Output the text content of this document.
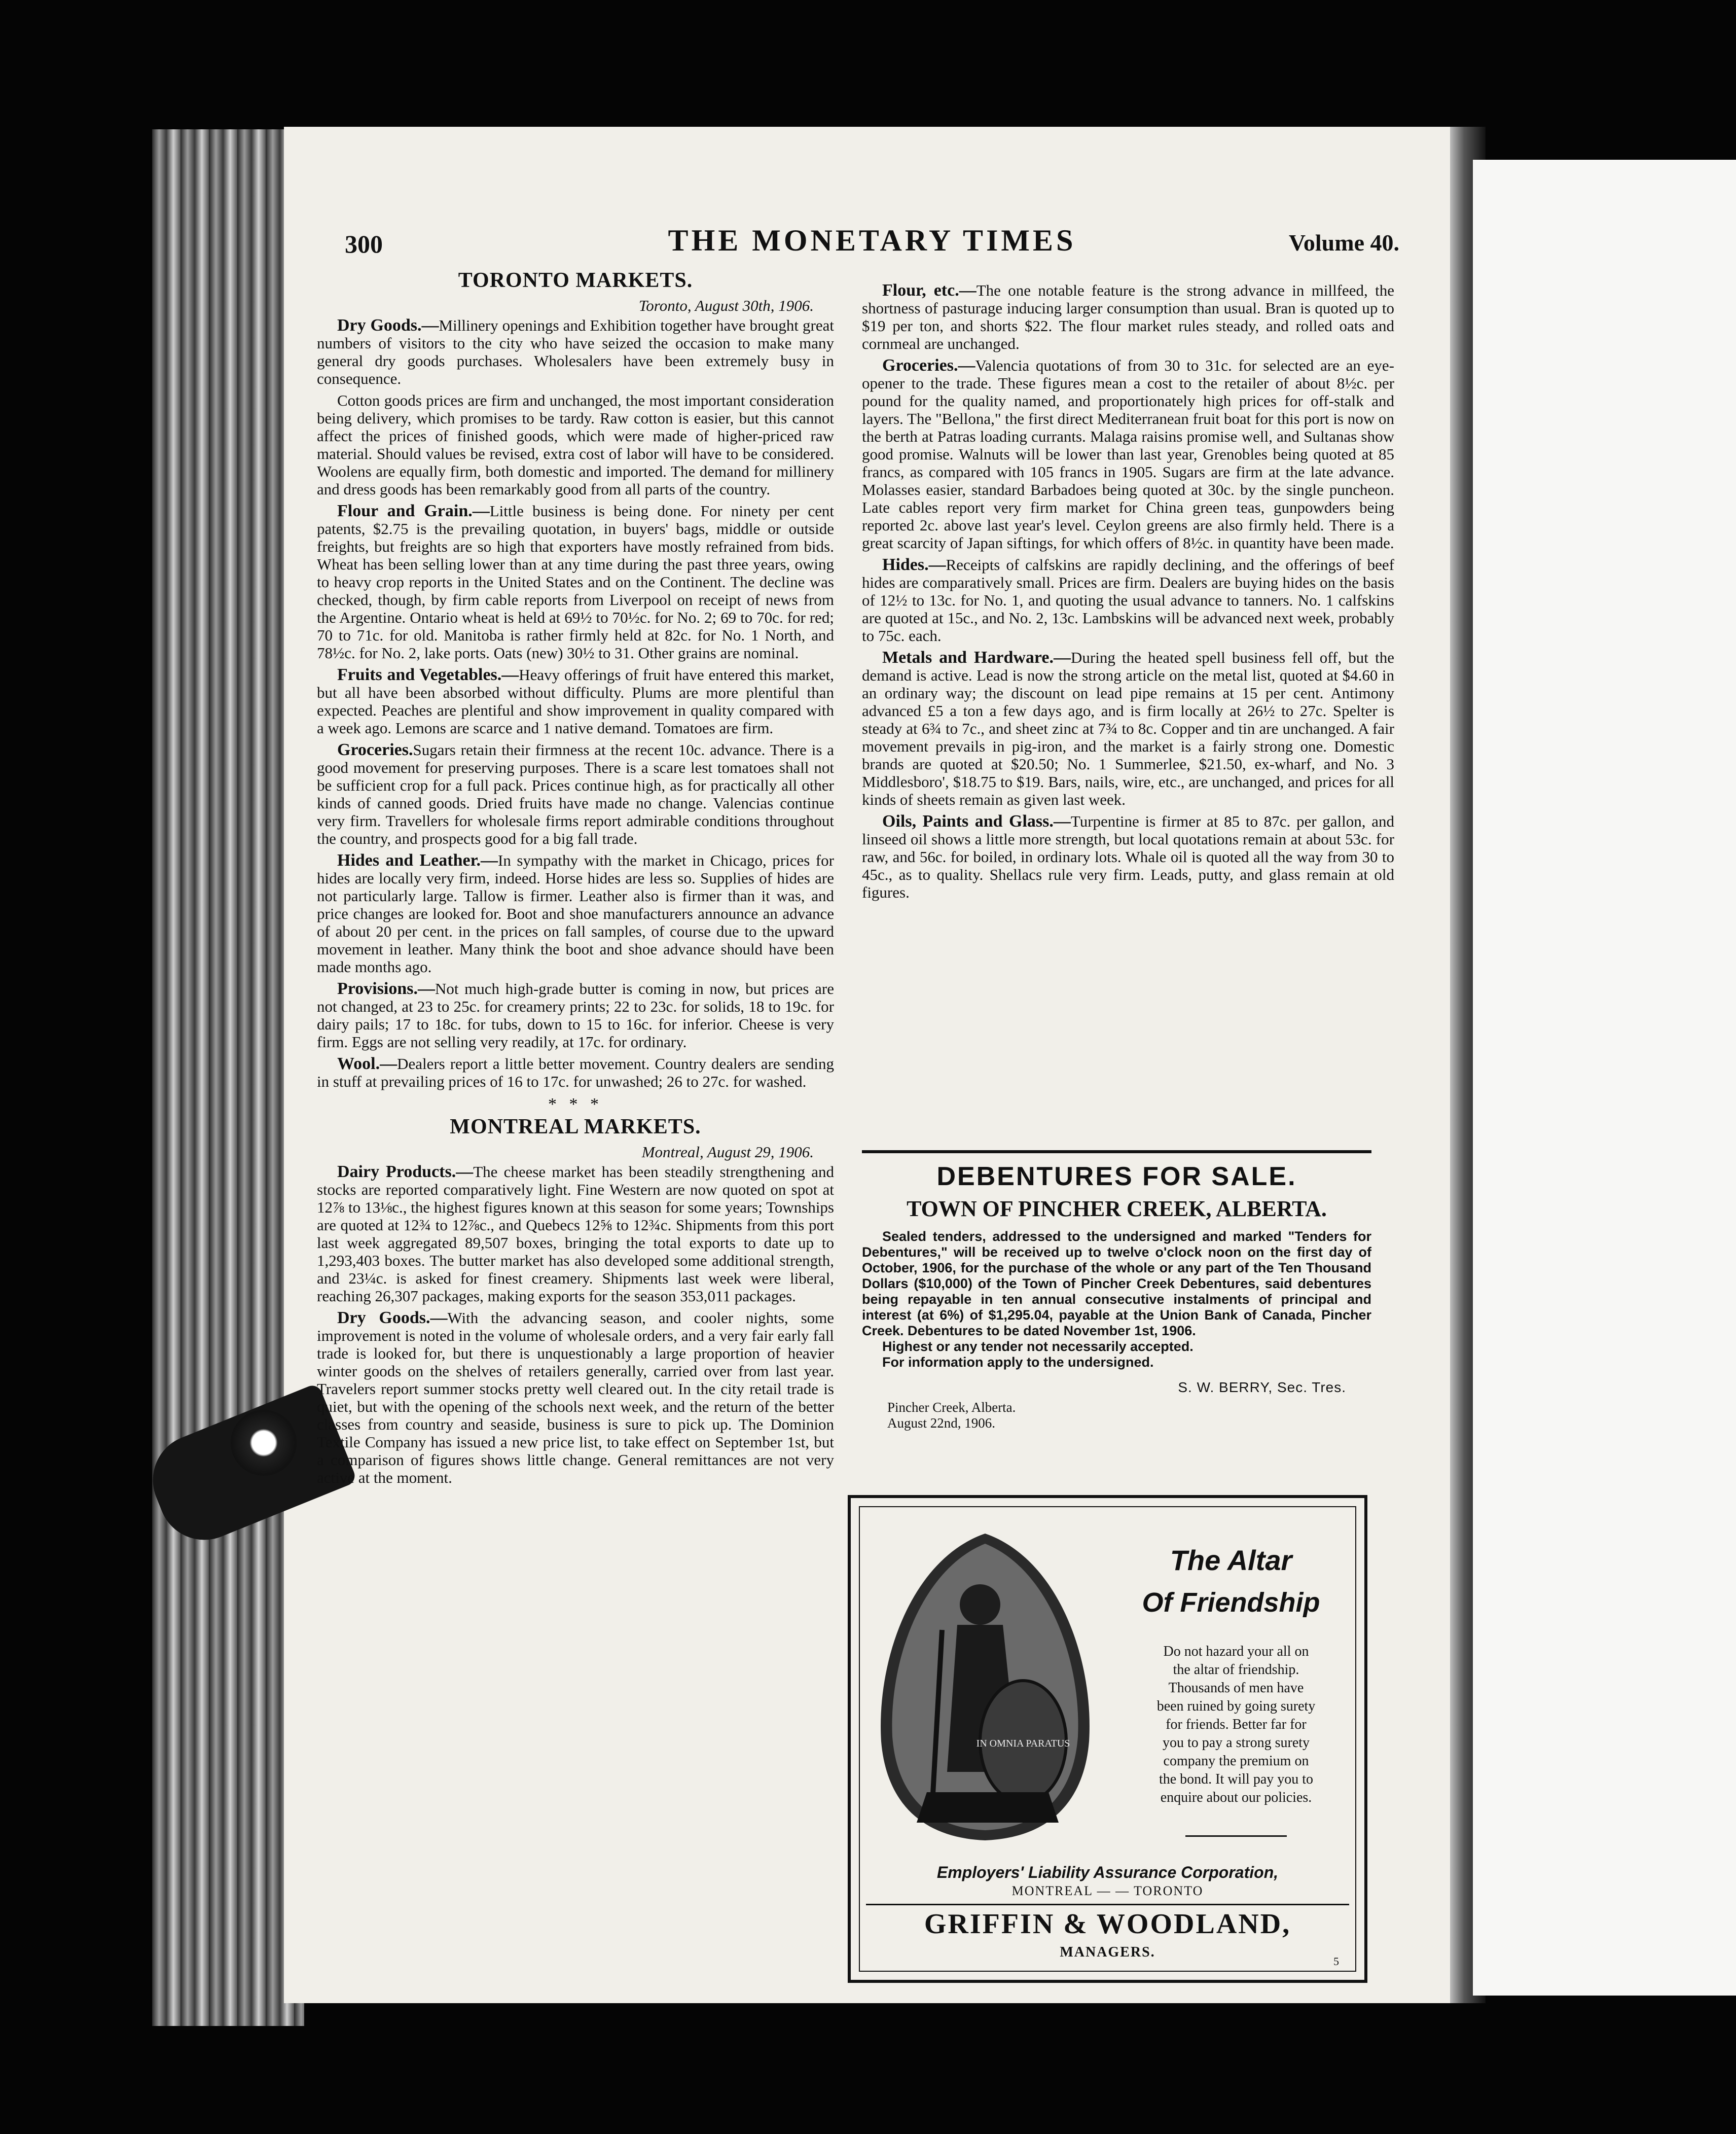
300	THE MONETARY TIMES	Volume 40.
TORONTO MARKETS.
Toronto, August 30th, 1906.
Dry Goods.—Millinery openings and Exhibition together have brought great numbers of visitors to the city who have seized the occasion to make many general dry goods purchases. Wholesalers have been extremely busy in consequence.
Cotton goods prices are firm and unchanged, the most important consideration being delivery, which promises to be tardy. Raw cotton is easier, but this cannot affect the prices of finished goods, which were made of higher-priced raw material. Should values be revised, extra cost of labor will have to be considered. Woolens are equally firm, both domestic and imported. The demand for millinery and dress goods has been remarkably good from all parts of the country.
Flour and Grain.—Little business is being done. For ninety per cent patents, $2.75 is the prevailing quotation, in buyers' bags, middle or outside freights, but freights are so high that exporters have mostly refrained from bids. Wheat has been selling lower than at any time during the past three years, owing to heavy crop reports in the United States and on the Continent. The decline was checked, though, by firm cable reports from Liverpool on receipt of news from the Argentine. Ontario wheat is held at 69½ to 70½c. for No. 2; 69 to 70c. for red; 70 to 71c. for old. Manitoba is rather firmly held at 82c. for No. 1 North, and 78½c. for No. 2, lake ports. Oats (new) 30½ to 31. Other grains are nominal.
Fruits and Vegetables.—Heavy offerings of fruit have entered this market, but all have been absorbed without difficulty. Plums are more plentiful than expected. Peaches are plentiful and show improvement in quality compared with a week ago. Lemons are scarce and 1 native demand. Tomatoes are firm.
Groceries.Sugars retain their firmness at the recent 10c. advance. There is a good movement for preserving purposes. There is a scare lest tomatoes shall not be sufficient crop for a full pack. Prices continue high, as for practically all other kinds of canned goods. Dried fruits have made no change. Valencias continue very firm. Travellers for wholesale firms report admirable conditions throughout the country, and prospects good for a big fall trade.
Hides and Leather.—In sympathy with the market in Chicago, prices for hides are locally very firm, indeed. Horse hides are less so. Supplies of hides are not particularly large. Tallow is firmer. Leather also is firmer than it was, and price changes are looked for. Boot and shoe manufacturers announce an advance of about 20 per cent. in the prices on fall samples, of course due to the upward movement in leather. Many think the boot and shoe advance should have been made months ago.
Provisions.—Not much high-grade butter is coming in now, but prices are not changed, at 23 to 25c. for creamery prints; 22 to 23c. for solids, 18 to 19c. for dairy pails; 17 to 18c. for tubs, down to 15 to 16c. for inferior. Cheese is very firm. Eggs are not selling very readily, at 17c. for ordinary.
Wool.—Dealers report a little better movement. Country dealers are sending in stuff at prevailing prices of 16 to 17c. for unwashed; 26 to 27c. for washed.
* * *
MONTREAL MARKETS.
Montreal, August 29, 1906.
Dairy Products.—The cheese market has been steadily strengthening and stocks are reported comparatively light. Fine Western are now quoted on spot at 12⅞ to 13⅛c., the highest figures known at this season for some years; Townships are quoted at 12¾ to 12⅞c., and Quebecs 12⅝ to 12¾c. Shipments from this port last week aggregated 89,507 boxes, bringing the total exports to date up to 1,293,403 boxes. The butter market has also developed some additional strength, and 23¼c. is asked for finest creamery. Shipments last week were liberal, reaching 26,307 packages, making exports for the season 353,011 packages.
Dry Goods.—With the advancing season, and cooler nights, some improvement is noted in the volume of wholesale orders, and a very fair early fall trade is looked for, but there is unquestionably a large proportion of heavier winter goods on the shelves of retailers generally, carried over from last year. Travelers report summer stocks pretty well cleared out. In the city retail trade is quiet, but with the opening of the schools next week, and the return of the better classes from country and seaside, business is sure to pick up. The Dominion Textile Company has issued a new price list, to take effect on September 1st, but a comparison of figures shows little change. General remittances are not very active at the moment.
Flour, etc.—The one notable feature is the strong advance in millfeed, the shortness of pasturage inducing larger consumption than usual. Bran is quoted up to $19 per ton, and shorts $22. The flour market rules steady, and rolled oats and cornmeal are unchanged.
Groceries.—Valencia quotations of from 30 to 31c. for selected are an eye-opener to the trade. These figures mean a cost to the retailer of about 8½c. per pound for the quality named, and proportionately high prices for off-stalk and layers. The "Bellona," the first direct Mediterranean fruit boat for this port is now on the berth at Patras loading currants. Malaga raisins promise well, and Sultanas show good promise. Walnuts will be lower than last year, Grenobles being quoted at 85 francs, as compared with 105 francs in 1905. Sugars are firm at the late advance. Molasses easier, standard Barbadoes being quoted at 30c. by the single puncheon. Late cables report very firm market for China green teas, gunpowders being reported 2c. above last year's level. Ceylon greens are also firmly held. There is a great scarcity of Japan siftings, for which offers of 8½c. in quantity have been made.
Hides.—Receipts of calfskins are rapidly declining, and the offerings of beef hides are comparatively small. Prices are firm. Dealers are buying hides on the basis of 12½ to 13c. for No. 1, and quoting the usual advance to tanners. No. 1 calfskins are quoted at 15c., and No. 2, 13c. Lambskins will be advanced next week, probably to 75c. each.
Metals and Hardware.—During the heated spell business fell off, but the demand is active. Lead is now the strong article on the metal list, quoted at $4.60 in an ordinary way; the discount on lead pipe remains at 15 per cent. Antimony advanced £5 a ton a few days ago, and is firm locally at 26½ to 27c. Spelter is steady at 6¾ to 7c., and sheet zinc at 7¾ to 8c. Copper and tin are unchanged. A fair movement prevails in pig-iron, and the market is a fairly strong one. Domestic brands are quoted at $20.50; No. 1 Summerlee, $21.50, ex-wharf, and No. 3 Middlesboro', $18.75 to $19. Bars, nails, wire, etc., are unchanged, and prices for all kinds of sheets remain as given last week.
Oils, Paints and Glass.—Turpentine is firmer at 85 to 87c. per gallon, and linseed oil shows a little more strength, but local quotations remain at about 53c. for raw, and 56c. for boiled, in ordinary lots. Whale oil is quoted all the way from 30 to 45c., as to quality. Shellacs rule very firm. Leads, putty, and glass remain at old figures.
DEBENTURES FOR SALE.
TOWN OF PINCHER CREEK, ALBERTA.
Sealed tenders, addressed to the undersigned and marked "Tenders for Debentures," will be received up to twelve o'clock noon on the first day of October, 1906, for the purchase of the whole or any part of the Ten Thousand Dollars ($10,000) of the Town of Pincher Creek Debentures, said debentures being repayable in ten annual consecutive instalments of principal and interest (at 6%) of $1,295.04, payable at the Union Bank of Canada, Pincher Creek. Debentures to be dated November 1st, 1906.
Highest or any tender not necessarily accepted.
For information apply to the undersigned.
S. W. BERRY, Sec. Tres.
Pincher Creek, Alberta.
August 22nd, 1906.
IN OMNIA PARATUS
The Altar
Of Friendship
Do not hazard your all on
the altar of friendship.
Thousands of men have
been ruined by going surety
for friends. Better far for
you to pay a strong surety
company the premium on
the bond. It will pay you to
enquire about our policies.
Employers' Liability Assurance Corporation,
MONTREAL — — TORONTO
GRIFFIN & WOODLAND,
MANAGERS.
5
